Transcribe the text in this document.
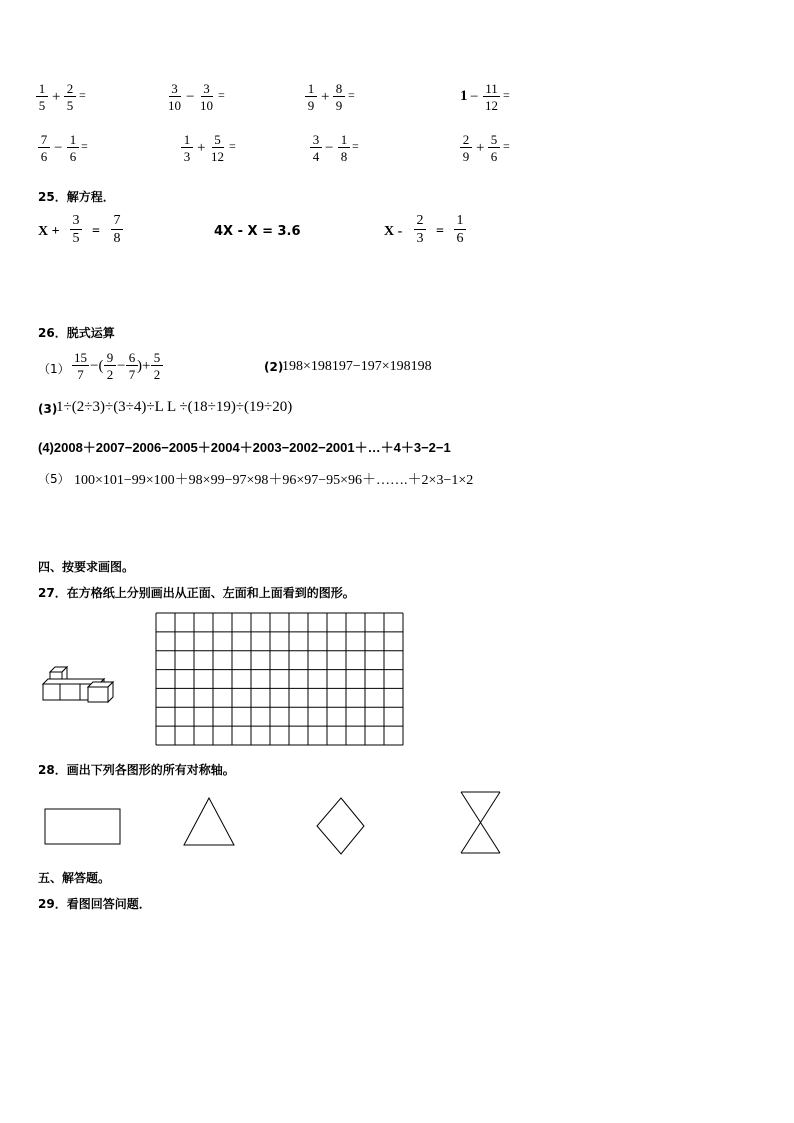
$\frac{1}{5} + \frac{2}{5}$ =	$\frac{3}{10} - \frac{3}{10}$ =	$\frac{1}{9} + \frac{8}{9}$ =	$1 - \frac{11}{12}$ =
$\frac{7}{6} - \frac{1}{6}$ =	$\frac{1}{3} + \frac{5}{12}$ =	$\frac{3}{4} - \frac{1}{8}$ =	$\frac{2}{9} + \frac{5}{6}$ =
25．解方程．
$X + \frac{3}{5} = \frac{7}{8}$	4X - X = 3.6	$X - \frac{2}{3} = \frac{1}{6}$
26．脱式运算
$(1) \frac{15}{7}$ −( $\frac{9}{2} - \frac{6}{7}$ )+ $\frac{5}{2}$	(2)
198×198197−197×198198
(3)
1÷(2÷3)÷(3÷4)÷L L ÷(18÷19)÷(19÷20)
(4)2008＋2007−2006−2005＋2004＋2003−2002−2001＋…＋4＋3−2−1
（5） 100×101−99×100＋98×99−97×98＋96×97−95×96＋…….＋2×3−1×2
四、按要求画图。
27．在方格纸上分别画出从正面、左面和上面看到的图形。
28．画出下列各图形的所有对称轴。
五、解答题。
29．看图回答问题．
